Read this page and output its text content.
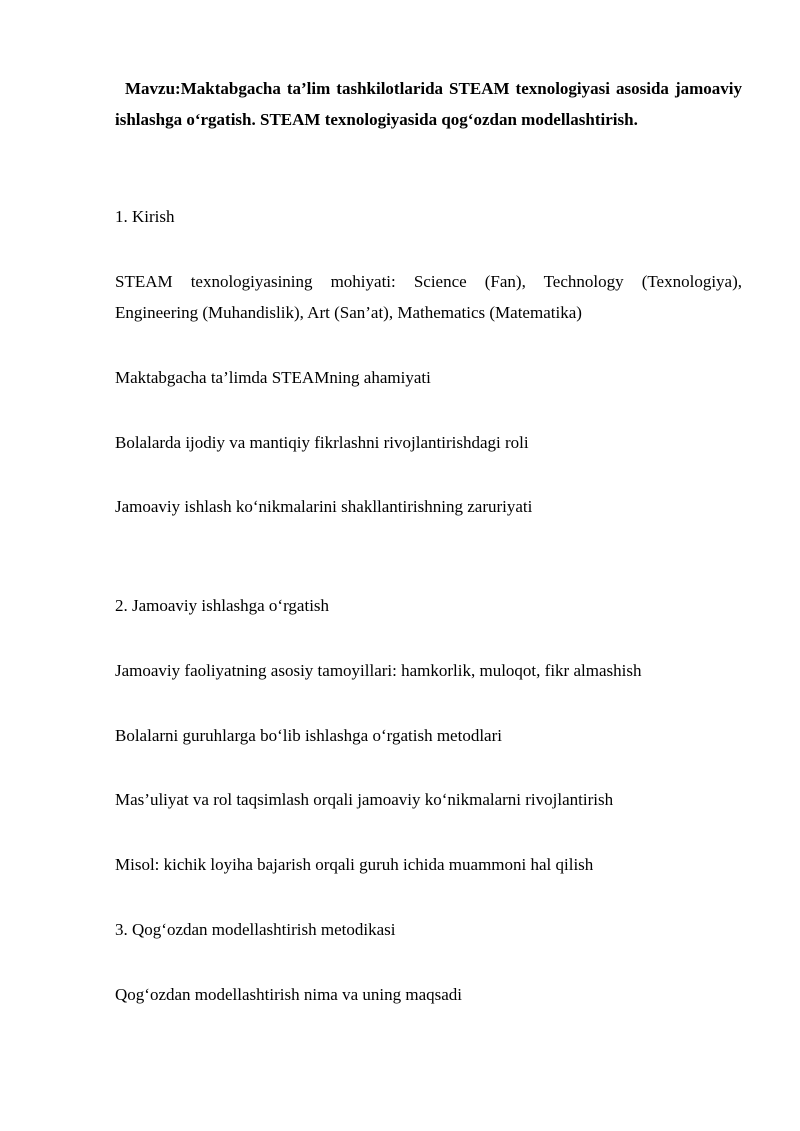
Mavzu:Maktabgacha ta’lim tashkilotlarida STEAM texnologiyasi asosida jamoaviy ishlashga o‘rgatish. STEAM texnologiyasida qog‘ozdan modellashtirish.

1. Kirish

STEAM texnologiyasining mohiyati: Science (Fan), Technology (Texnologiya), Engineering (Muhandislik), Art (San’at), Mathematics (Matematika)

Maktabgacha ta’limda STEAMning ahamiyati

Bolalarda ijodiy va mantiqiy fikrlashni rivojlantirishdagi roli

Jamoaviy ishlash ko‘nikmalarini shakllantirishning zaruriyati

2. Jamoaviy ishlashga o‘rgatish

Jamoaviy faoliyatning asosiy tamoyillari: hamkorlik, muloqot, fikr almashish

Bolalarni guruhlarga bo‘lib ishlashga o‘rgatish metodlari

Mas’uliyat va rol taqsimlash orqali jamoaviy ko‘nikmalarni rivojlantirish

Misol: kichik loyiha bajarish orqali guruh ichida muammoni hal qilish

3. Qog‘ozdan modellashtirish metodikasi

Qog‘ozdan modellashtirish nima va uning maqsadi
